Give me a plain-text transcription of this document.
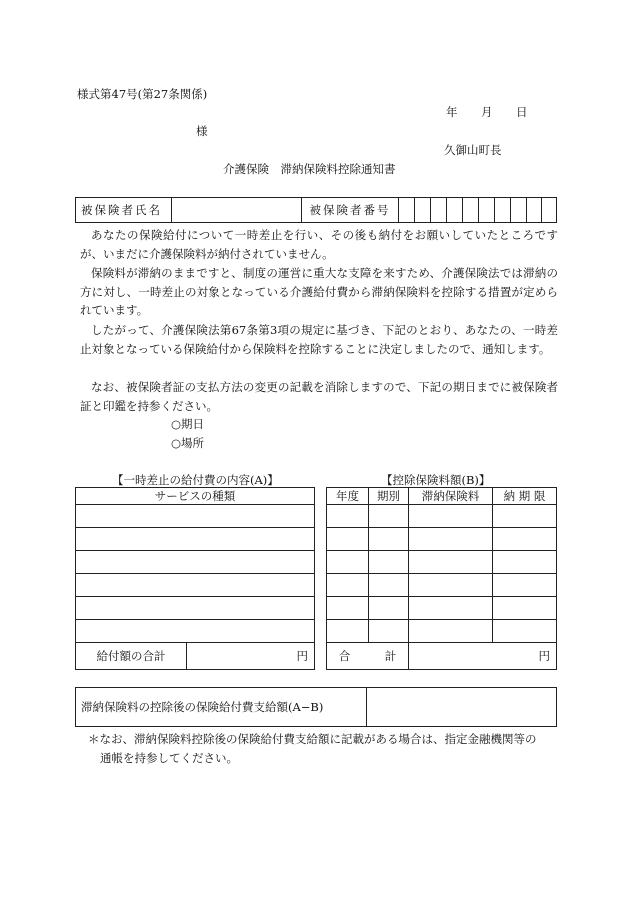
様式第47号(第27条関係)
年 月 日
様
久御山町長
介護保険　滞納保険料控除通知書
被保険者氏名		被保険者番号										
あなたの保険給付について一時差止を行い、その後も納付をお願いしていたところですが、いまだに介護保険料が納付されていません。
保険料が滞納のままですと、制度の運営に重大な支障を来すため、介護保険法では滞納の方に対し、一時差止の対象となっている介護給付費から滞納保険料を控除する措置が定められています。
したがって、介護保険法第67条第3項の規定に基づき、下記のとおり、あなたの、一時差止対象となっている保険給付から保険料を控除することに決定しましたので、通知します。
なお、被保険者証の支払方法の変更の記載を消除しますので、下記の期日までに被保険者証と印鑑を持参ください。
○期日
○場所
【一時差止の給付費の内容(A)】	【控除保険料額(B)】
サービスの種類

給付額の合計	円
年度	期別	滞納保険料	納 期 限

合　　　計		円	
滞納保険料の控除後の保険給付費支給額(A−B)	
＊なお、滞納保険料控除後の保険給付費支給額に記載がある場合は、指定金融機関等の
通帳を持参してください。
